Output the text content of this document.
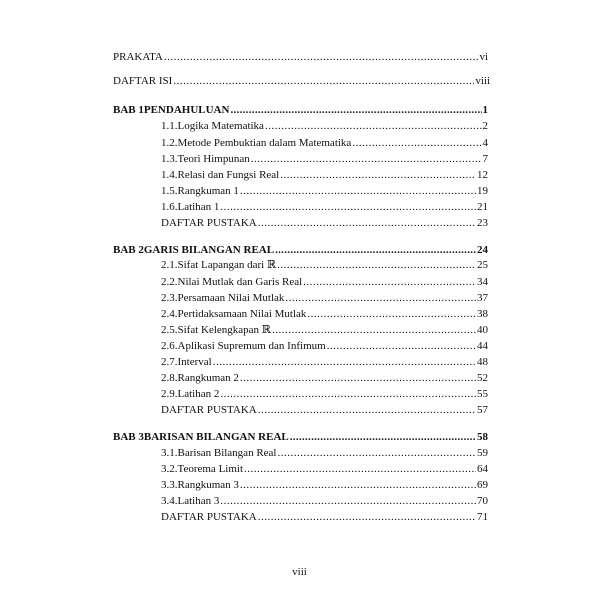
PRAKATA .....	vi
DAFTAR ISI .....	viii
BAB 1 PENDAHULUAN .....	1
1.1. Logika Matematika .....	2
1.2. Metode Pembuktian dalam Matematika .....	4
1.3. Teori Himpunan .....	7
1.4. Relasi dan Fungsi Real .....	12
1.5. Rangkuman 1 .....	19
1.6. Latihan 1 .....	21
DAFTAR PUSTAKA .....	23
BAB 2 GARIS BILANGAN REAL .....	24
2.1. Sifat Lapangan dari ℝ .....	25
2.2. Nilai Mutlak dan Garis Real .....	34
2.3. Persamaan Nilai Mutlak .....	37
2.4. Pertidaksamaan Nilai Mutlak .....	38
2.5. Sifat Kelengkapan ℝ .....	40
2.6. Aplikasi Supremum dan Infimum .....	44
2.7. Interval .....	48
2.8. Rangkuman 2 .....	52
2.9. Latihan 2 .....	55
DAFTAR PUSTAKA .....	57
BAB 3 BARISAN BILANGAN REAL .....	58
3.1. Barisan Bilangan Real .....	59
3.2. Teorema Limit .....	64
3.3. Rangkuman 3 .....	69
3.4. Latihan 3 .....	70
DAFTAR PUSTAKA .....	71
viii
